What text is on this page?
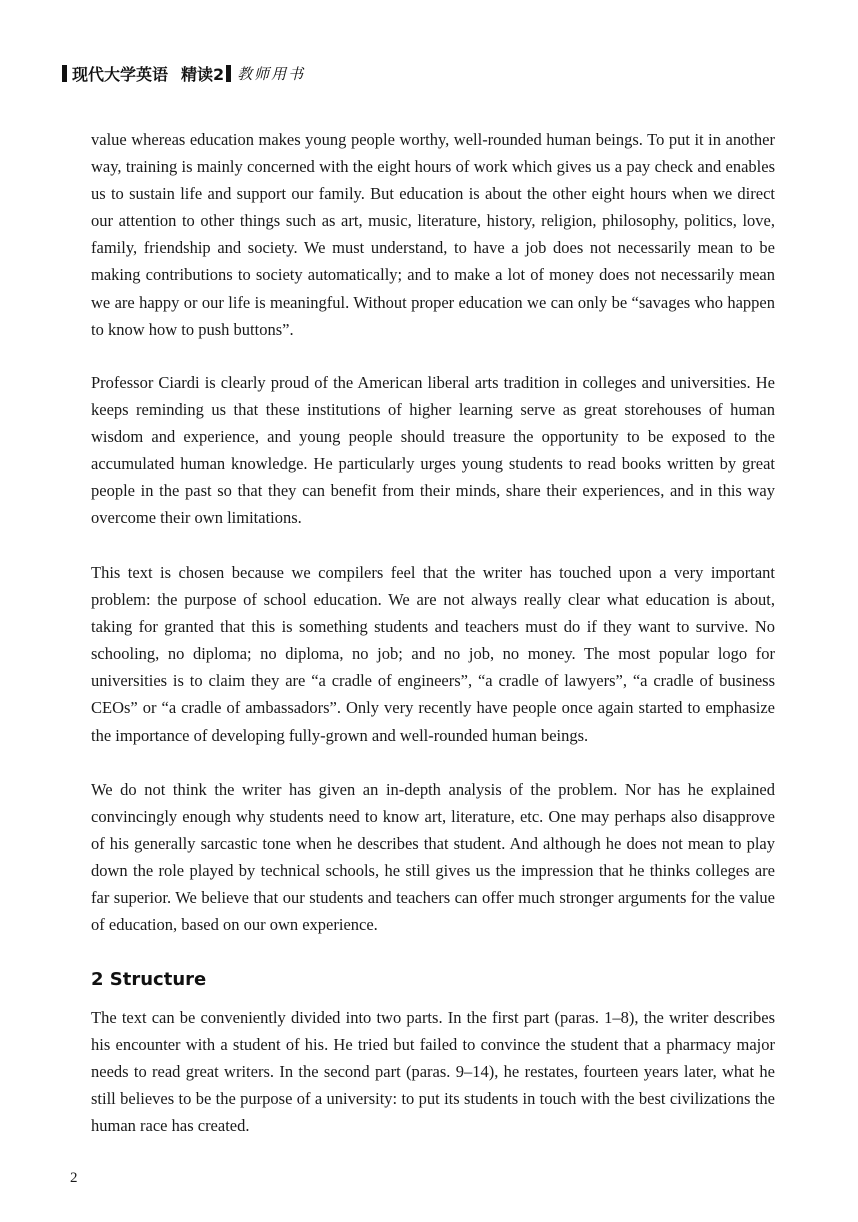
现代大学英语 精读2 教师用书

value whereas education makes young people worthy, well-rounded human beings. To put it in another way, training is mainly concerned with the eight hours of work which gives us a pay check and enables us to sustain life and support our family. But education is about the other eight hours when we direct our attention to other things such as art, music, literature, history, religion, philosophy, politics, love, family, friendship and society. We must understand, to have a job does not necessarily mean to be making contributions to society automatically; and to make a lot of money does not necessarily mean we are happy or our life is meaningful. Without proper education we can only be “savages who happen to know how to push buttons”.

Professor Ciardi is clearly proud of the American liberal arts tradition in colleges and universities. He keeps reminding us that these institutions of higher learning serve as great storehouses of human wisdom and experience, and young people should treasure the opportunity to be exposed to the accumulated human knowledge. He particularly urges young students to read books written by great people in the past so that they can benefit from their minds, share their experiences, and in this way overcome their own limitations.

This text is chosen because we compilers feel that the writer has touched upon a very important problem: the purpose of school education. We are not always really clear what education is about, taking for granted that this is something students and teachers must do if they want to survive. No schooling, no diploma; no diploma, no job; and no job, no money. The most popular logo for universities is to claim they are “a cradle of engineers”, “a cradle of lawyers”, “a cradle of business CEOs” or “a cradle of ambassadors”. Only very recently have people once again started to emphasize the importance of developing fully-grown and well-rounded human beings.

We do not think the writer has given an in-depth analysis of the problem. Nor has he explained convincingly enough why students need to know art, literature, etc. One may perhaps also disapprove of his generally sarcastic tone when he describes that student. And although he does not mean to play down the role played by technical schools, he still gives us the impression that he thinks colleges are far superior. We believe that our students and teachers can offer much stronger arguments for the value of education, based on our own experience.

2 Structure

The text can be conveniently divided into two parts. In the first part (paras. 1–8), the writer describes his encounter with a student of his. He tried but failed to convince the student that a pharmacy major needs to read great writers. In the second part (paras. 9–14), he restates, fourteen years later, what he still believes to be the purpose of a university: to put its students in touch with the best civilizations the human race has created.

2
